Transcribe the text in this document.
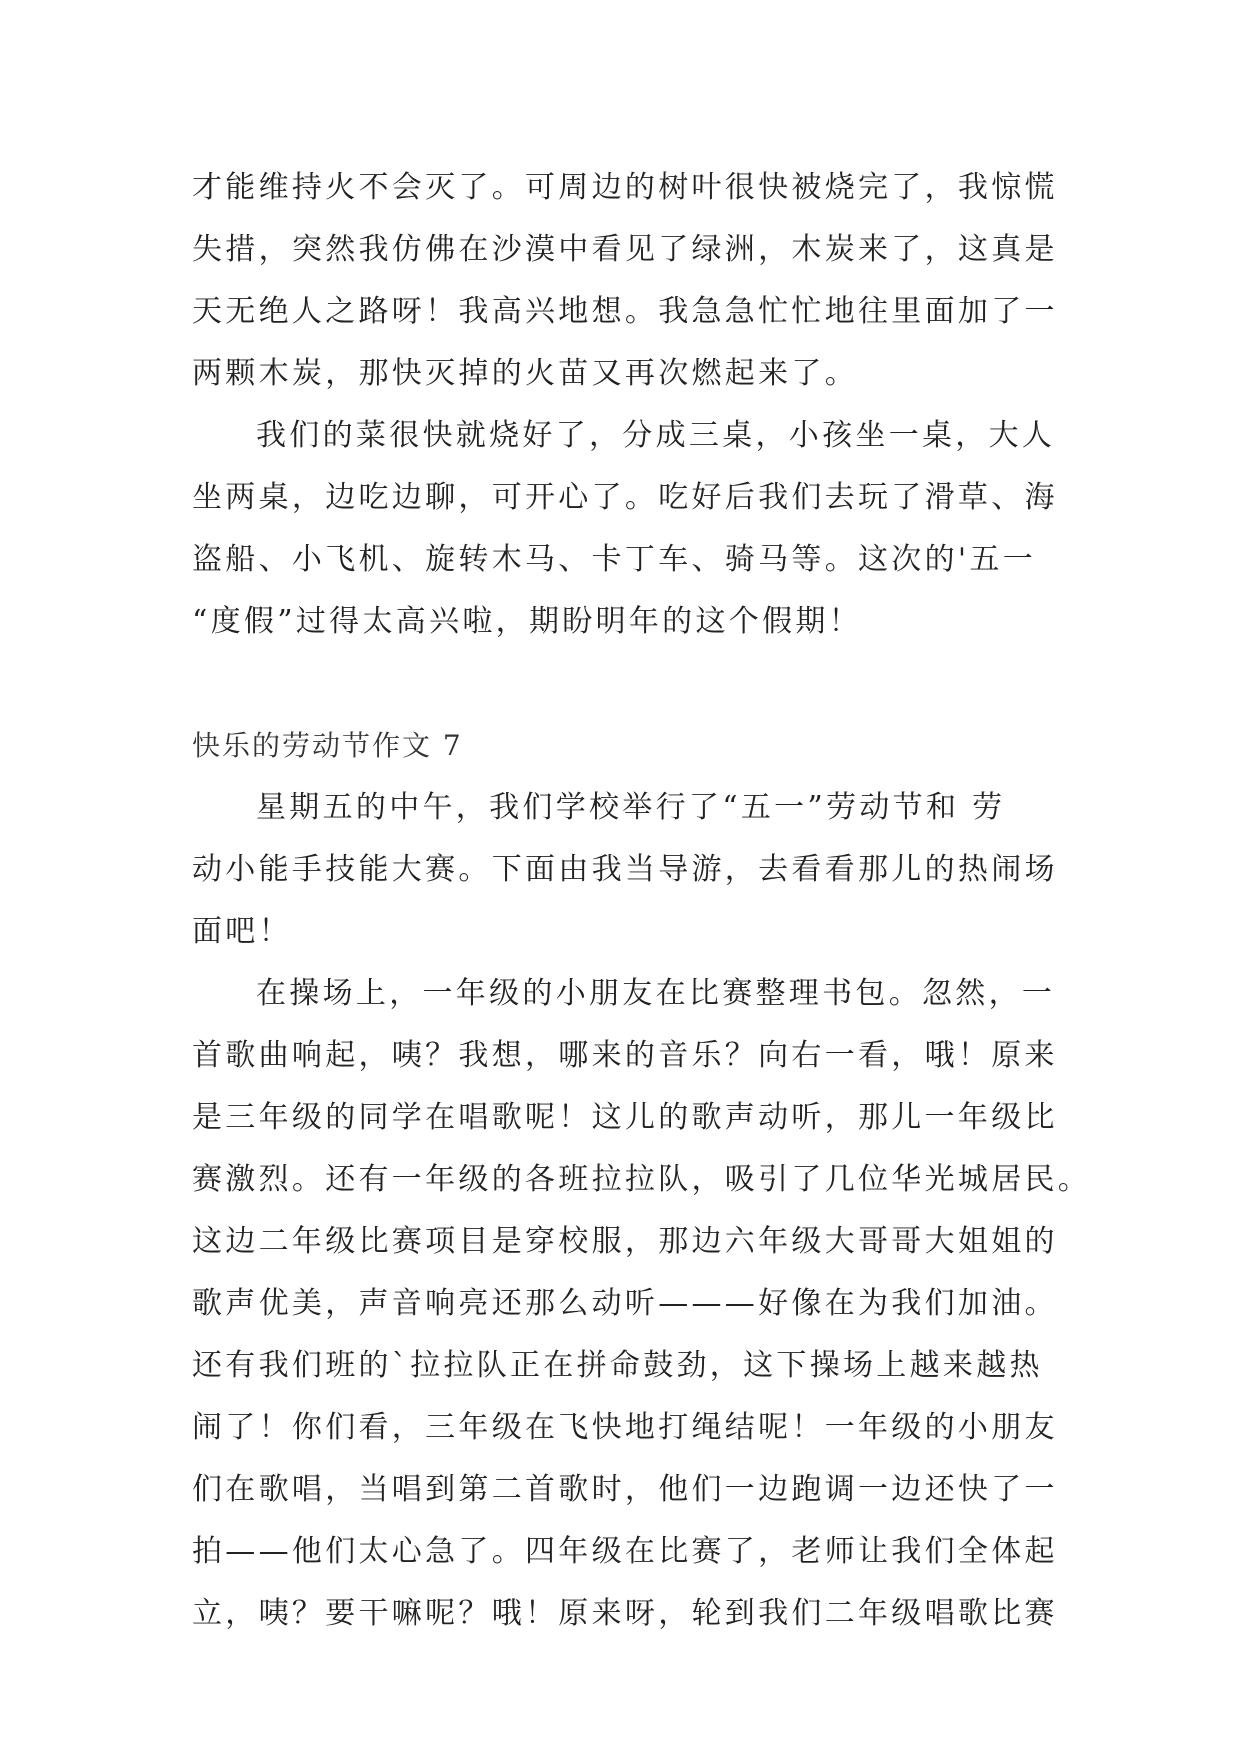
才能维持火不会灭了。可周边的树叶很快被烧完了，我惊慌
失措，突然我仿佛在沙漠中看见了绿洲，木炭来了，这真是
天无绝人之路呀！我高兴地想。我急急忙忙地往里面加了一
两颗木炭，那快灭掉的火苗又再次燃起来了。
我们的菜很快就烧好了，分成三桌，小孩坐一桌，大人
坐两桌，边吃边聊，可开心了。吃好后我们去玩了滑草、海
盗船、小飞机、旋转木马、卡丁车、骑马等。这次的'五一
“度假”过得太高兴啦，期盼明年的这个假期！
快乐的劳动节作文 7
星期五的中午，我们学校举行了“五一”劳动节和 劳
动小能手技能大赛。下面由我当导游，去看看那儿的热闹场
面吧！
在操场上，一年级的小朋友在比赛整理书包。忽然，一
首歌曲响起，咦？我想，哪来的音乐？向右一看，哦！原来
是三年级的同学在唱歌呢！这儿的歌声动听，那儿一年级比
赛激烈。还有一年级的各班拉拉队，吸引了几位华光城居民。
这边二年级比赛项目是穿校服，那边六年级大哥哥大姐姐的
歌声优美，声音响亮还那么动听———好像在为我们加油。
还有我们班的`拉拉队正在拼命鼓劲，这下操场上越来越热
闹了！你们看，三年级在飞快地打绳结呢！一年级的小朋友
们在歌唱，当唱到第二首歌时，他们一边跑调一边还快了一
拍——他们太心急了。四年级在比赛了，老师让我们全体起
立，咦？要干嘛呢？哦！原来呀，轮到我们二年级唱歌比赛
